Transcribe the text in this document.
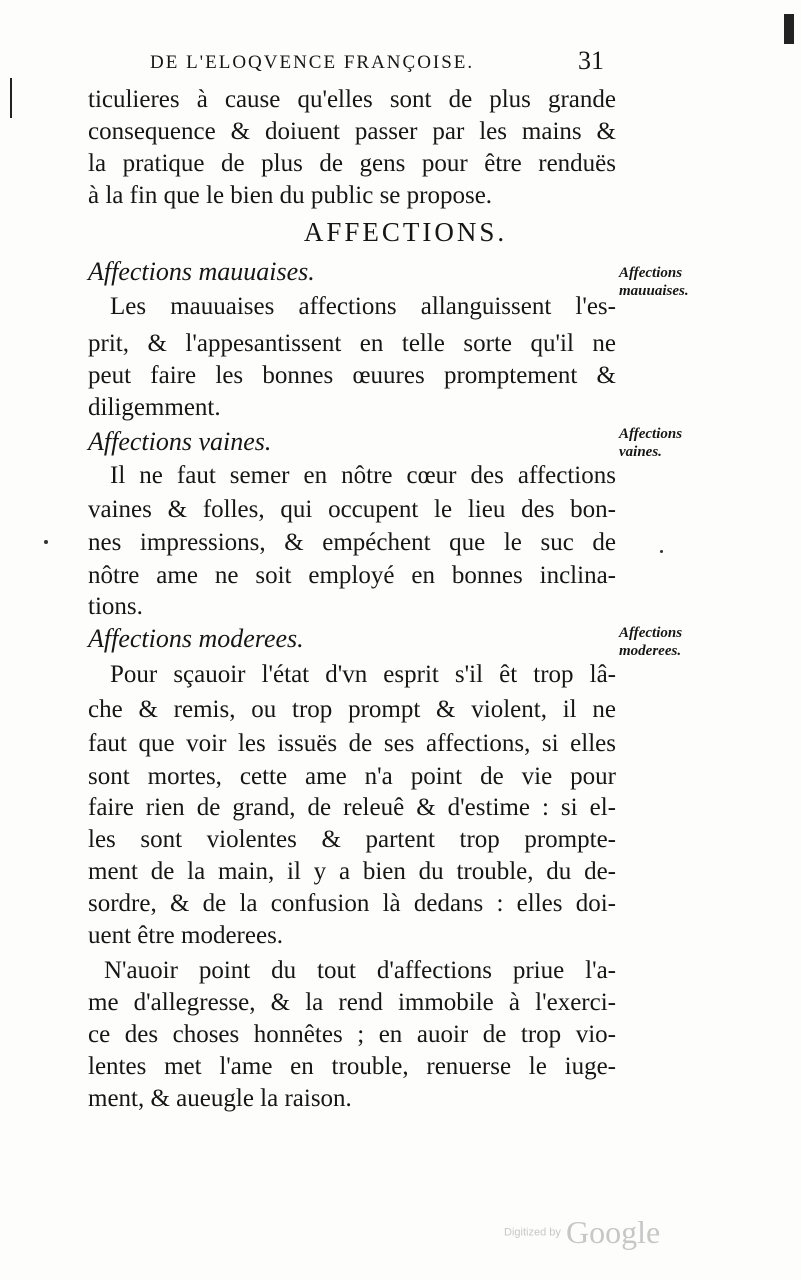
DE L'ELOQVENCE FRANÇOISE.	31
ticulieres à cause qu'elles sont de plus grande
consequence & doiuent passer par les mains &
la pratique de plus de gens pour être renduës
à la fin que le bien du public se propose.
AFFECTIONS.
Affections mauuaises.	Affections
mauuaises.
Les mauuaises affections allanguissent l'es-
prit, & l'appesantissent en telle sorte qu'il ne
peut faire les bonnes œuures promptement &
diligemment.
Affections vaines.	Affections
vaines.
Il ne faut semer en nôtre cœur des affections
vaines & folles, qui occupent le lieu des bon-
nes impressions, & empéchent que le suc de
nôtre ame ne soit employé en bonnes inclina-
tions.
Affections moderees.	Affections
moderees.
Pour sçauoir l'état d'vn esprit s'il êt trop lâ-
che & remis, ou trop prompt & violent, il ne
faut que voir les issuës de ses affections, si elles
sont mortes, cette ame n'a point de vie pour
faire rien de grand, de releuê & d'estime : si el-
les sont violentes & partent trop prompte-
ment de la main, il y a bien du trouble, du de-
sordre, & de la confusion là dedans : elles doi-
uent être moderees.
N'auoir point du tout d'affections priue l'a-
me d'allegresse, & la rend immobile à l'exerci-
ce des choses honnêtes ; en auoir de trop vio-
lentes met l'ame en trouble, renuerse le iuge-
ment, & aueugle la raison.
Digitized by Google
